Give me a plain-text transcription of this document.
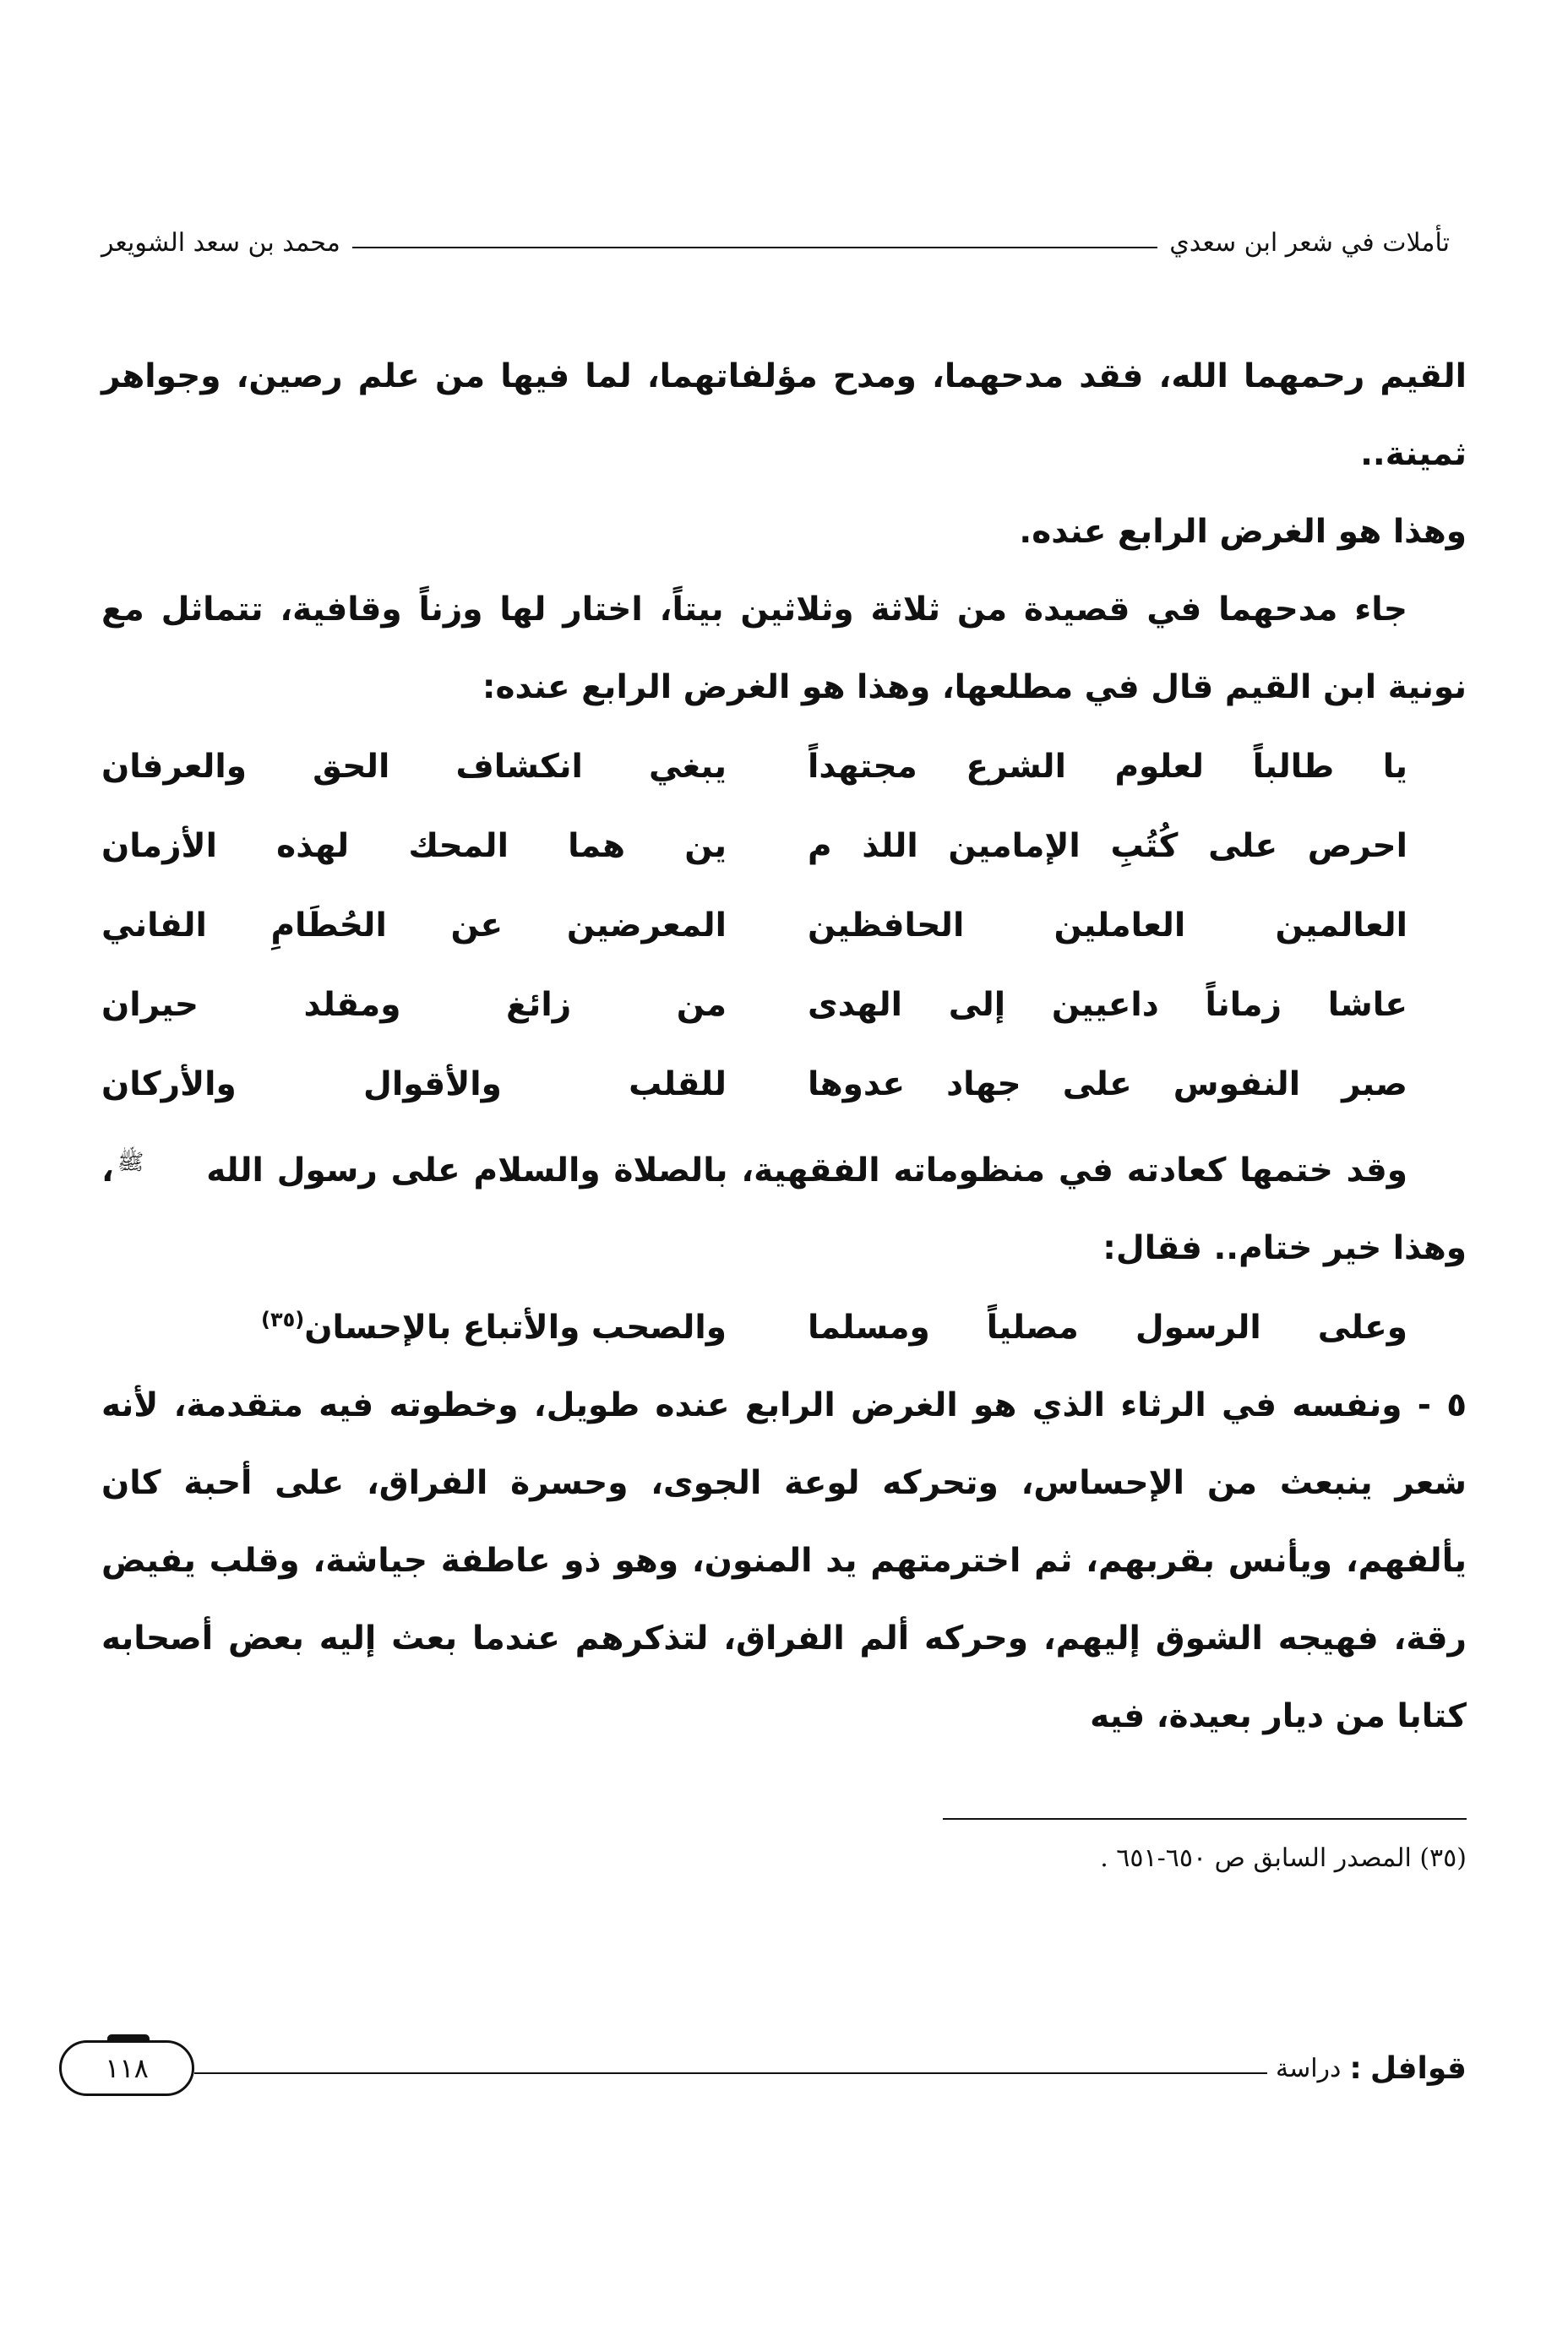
تأملات في شعر ابن سعدي
محمد بن سعد الشويعر

القيم رحمهما الله، فقد مدحهما، ومدح مؤلفاتهما، لما فيها من علم رصين، وجواهر ثمينة..

وهذا هو الغرض الرابع عنده.

جاء مدحهما في قصيدة من ثلاثة وثلاثين بيتاً، اختار لها وزناً وقافية، تتماثل مع نونية ابن القيم قال في مطلعها، وهذا هو الغرض الرابع عنده:

يا طالباً لعلوم الشرع مجتهداً
يبغي انكشاف الحق والعرفان
احرص على كُتُبِ الإمامين اللذ م
ين هما المحك لهذه الأزمان
العالمين العاملين الحافظين
المعرضين عن الحُطَامِ الفاني
عاشا زماناً داعيين إلى الهدى
من زائغ ومقلد حيران
صبر النفوس على جهاد عدوها
للقلب والأقوال والأركان

وقد ختمها كعادته في منظوماته الفقهية، بالصلاة والسلام على رسول اللهﷺ، وهذا خير ختام.. فقال:

وعلى الرسول مصلياً ومسلما
والصحب والأتباع بالإحسان$^{(٣٥)}$

٥ - ونفسه في الرثاء الذي هو الغرض الرابع عنده طويل، وخطوته فيه متقدمة، لأنه شعر ينبعث من الإحساس، وتحركه لوعة الجوى، وحسرة الفراق، على أحبة كان يألفهم، ويأنس بقربهم، ثم اخترمتهم يد المنون، وهو ذو عاطفة جياشة، وقلب يفيض رقة، فهيجه الشوق إليهم، وحركه ألم الفراق، لتذكرهم عندما بعث إليه بعض أصحابه كتابا من ديار بعيدة، فيه

(٣٥) المصدر السابق ص ٦٥٠-٦٥١ .
قوافل
:
دراسة
١١٨
